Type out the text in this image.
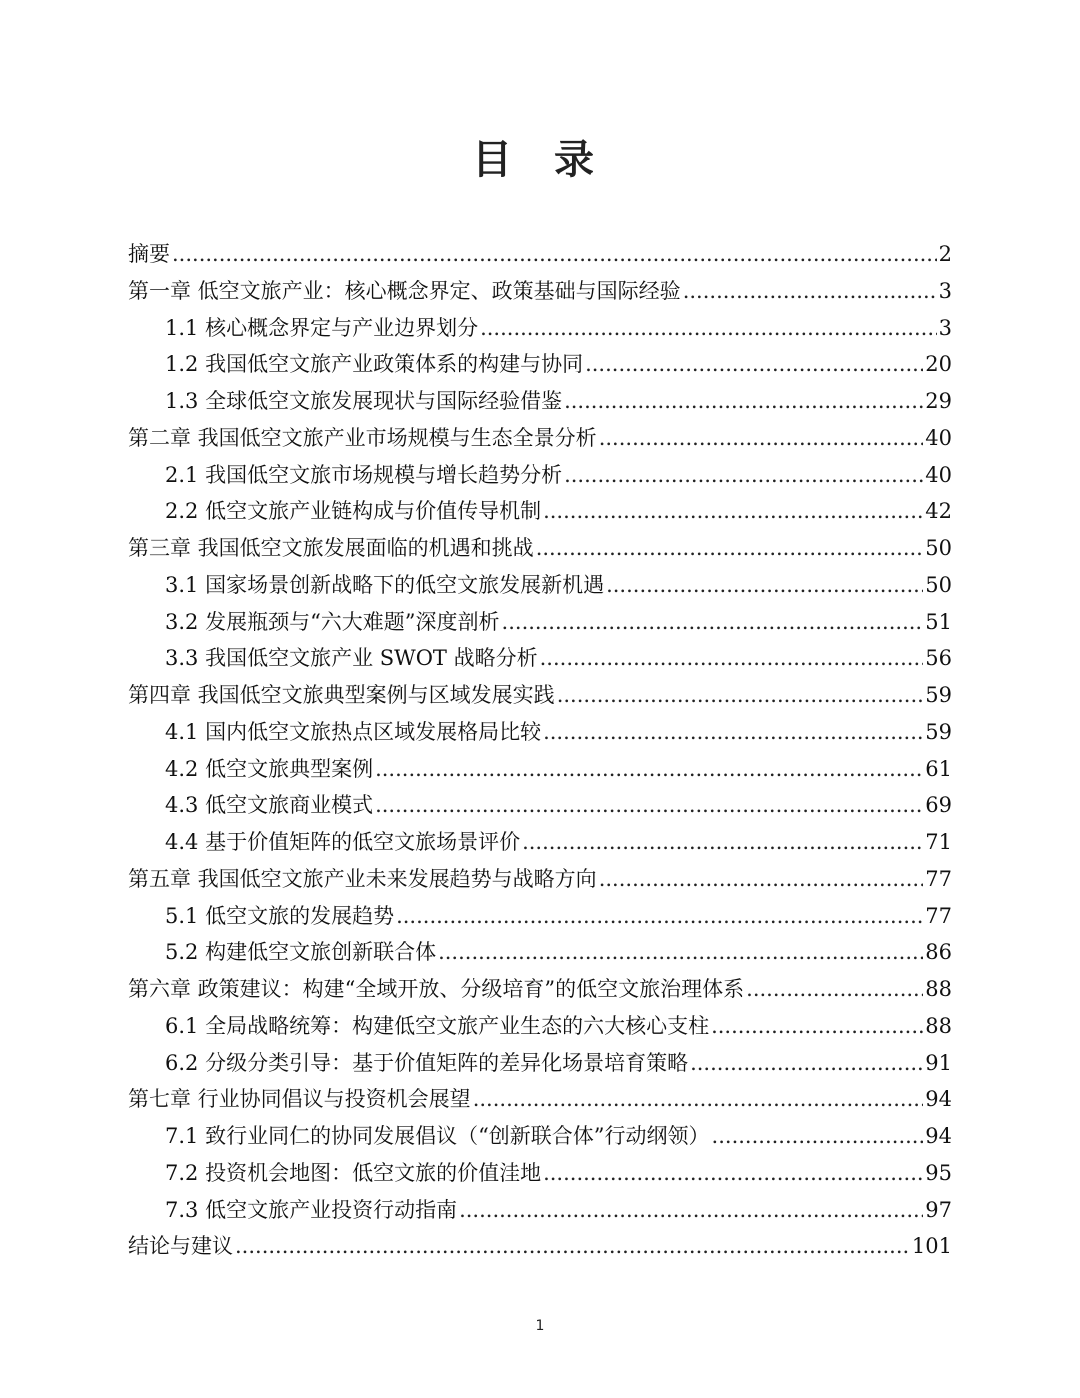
目 录
摘要 .....	2
第一章 低空文旅产业：核心概念界定、政策基础与国际经验 .....	3
1.1 核心概念界定与产业边界划分 .....	3
1.2 我国低空文旅产业政策体系的构建与协同 .....	20
1.3 全球低空文旅发展现状与国际经验借鉴 .....	29
第二章 我国低空文旅产业市场规模与生态全景分析 .....	40
2.1 我国低空文旅市场规模与增长趋势分析 .....	40
2.2 低空文旅产业链构成与价值传导机制 .....	42
第三章 我国低空文旅发展面临的机遇和挑战 .....	50
3.1 国家场景创新战略下的低空文旅发展新机遇 .....	50
3.2 发展瓶颈与“六大难题”深度剖析 .....	51
3.3 我国低空文旅产业 SWOT 战略分析 .....	56
第四章 我国低空文旅典型案例与区域发展实践 .....	59
4.1 国内低空文旅热点区域发展格局比较 .....	59
4.2 低空文旅典型案例 .....	61
4.3 低空文旅商业模式 .....	69
4.4 基于价值矩阵的低空文旅场景评价 .....	71
第五章 我国低空文旅产业未来发展趋势与战略方向 .....	77
5.1 低空文旅的发展趋势 .....	77
5.2 构建低空文旅创新联合体 .....	86
第六章 政策建议：构建“全域开放、分级培育”的低空文旅治理体系 .....	88
6.1 全局战略统筹：构建低空文旅产业生态的六大核心支柱 .....	88
6.2 分级分类引导：基于价值矩阵的差异化场景培育策略 .....	91
第七章 行业协同倡议与投资机会展望 .....	94
7.1 致行业同仁的协同发展倡议（“创新联合体”行动纲领） .....	94
7.2 投资机会地图：低空文旅的价值洼地 .....	95
7.3 低空文旅产业投资行动指南 .....	97
结论与建议 .....	101
1
